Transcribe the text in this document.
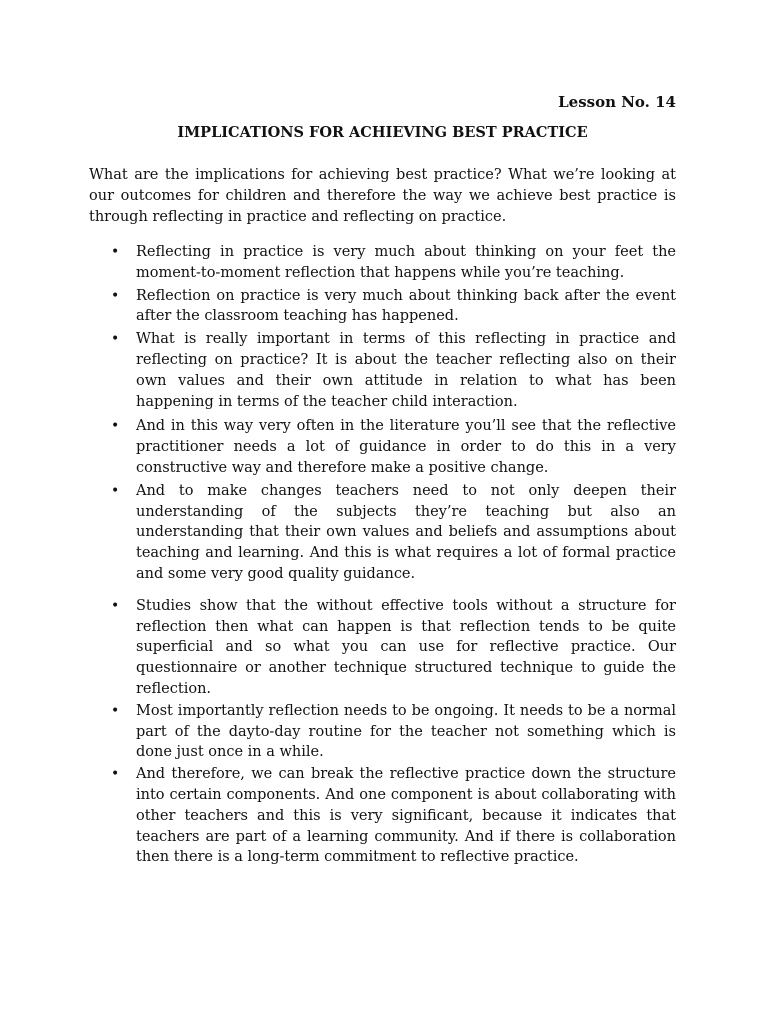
Lesson No. 14
IMPLICATIONS FOR ACHIEVING BEST PRACTICE

What are the implications for achieving best practice? What we’re looking at our outcomes for children and therefore the way we achieve best practice is through reflecting in practice and reflecting on practice.

• Reflecting in practice is very much about thinking on your feet the moment-to-moment reflection that happens while you’re teaching.
• Reflection on practice is very much about thinking back after the event after the classroom teaching has happened.
• What is really important in terms of this reflecting in practice and reflecting on practice? It is about the teacher reflecting also on their own values and their own attitude in relation to what has been happening in terms of the teacher child interaction.
• And in this way very often in the literature you’ll see that the reflective practitioner needs a lot of guidance in order to do this in a very constructive way and therefore make a positive change.
• And to make changes teachers need to not only deepen their understanding of the subjects they’re teaching but also an understanding that their own values and beliefs and assumptions about teaching and learning. And this is what requires a lot of formal practice and some very good quality guidance.
• Studies show that the without effective tools without a structure for reflection then what can happen is that reflection tends to be quite superficial and so what you can use for reflective practice. Our questionnaire or another technique structured technique to guide the reflection.
• Most importantly reflection needs to be ongoing. It needs to be a normal part of the dayto-day routine for the teacher not something which is done just once in a while.
• And therefore, we can break the reflective practice down the structure into certain components. And one component is about collaborating with other teachers and this is very significant, because it indicates that teachers are part of a learning community. And if there is collaboration then there is a long-term commitment to reflective practice.
